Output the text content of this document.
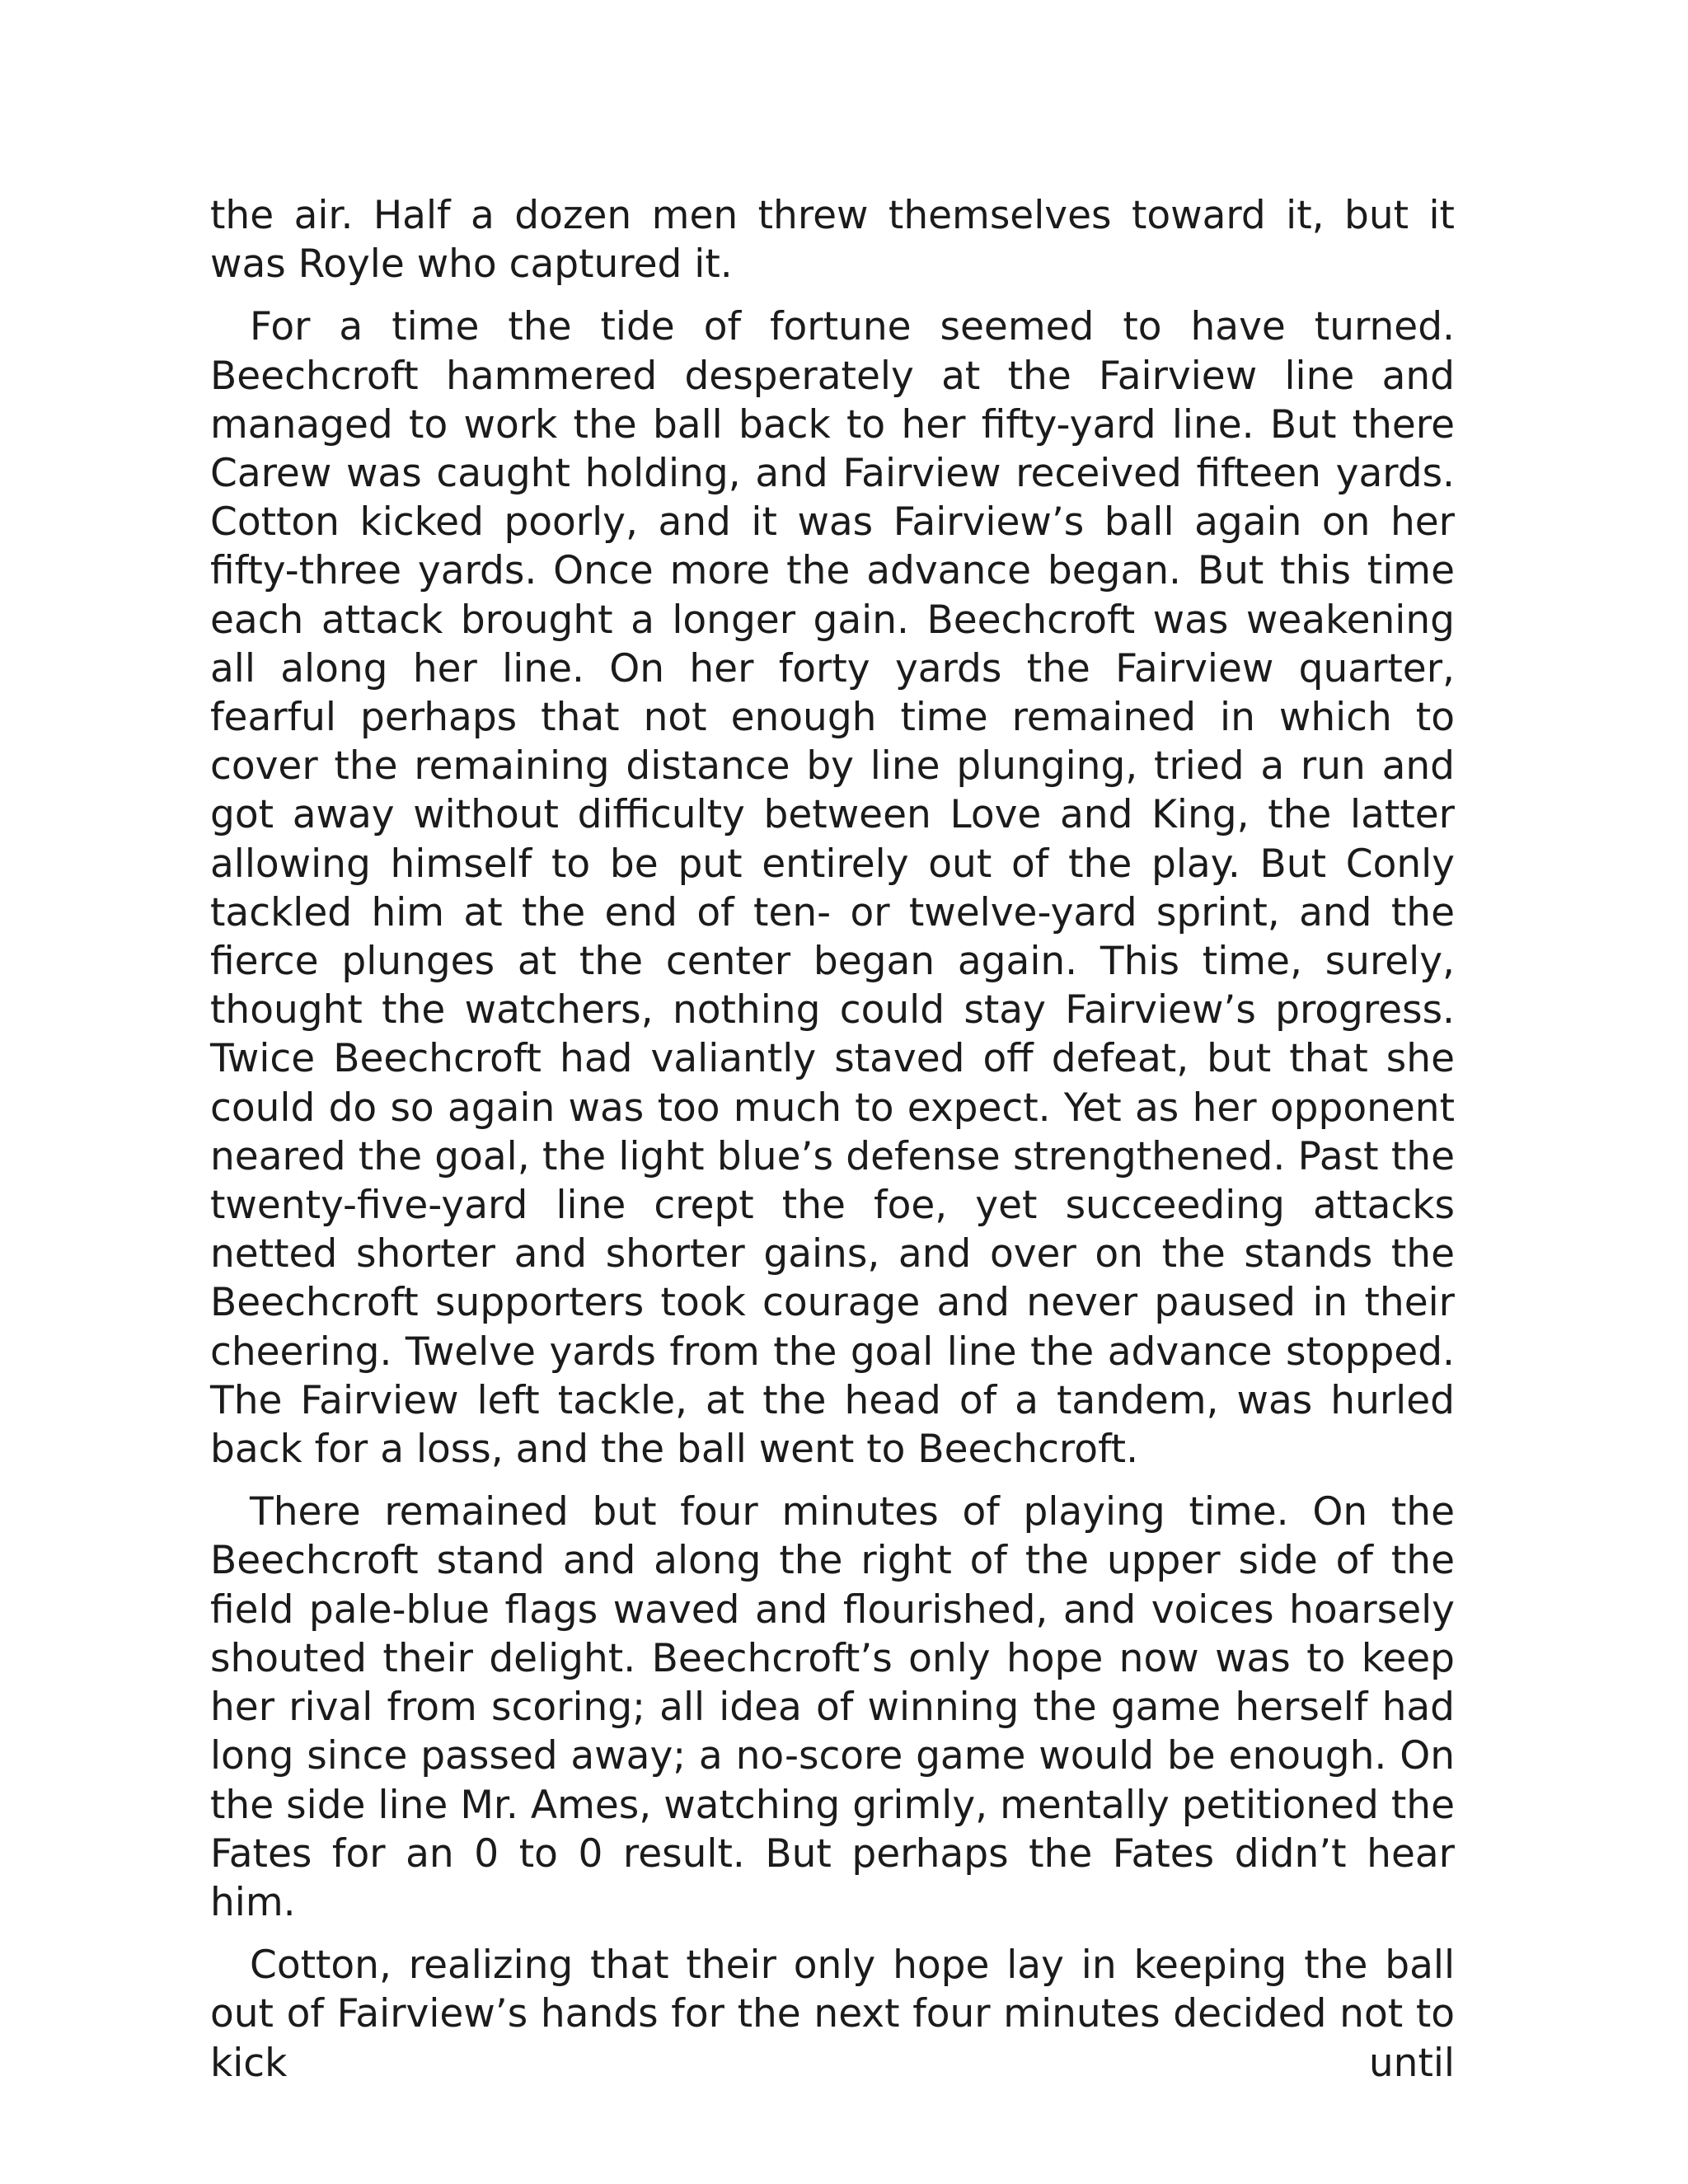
the air. Half a dozen men threw themselves toward it, but it was Royle who captured it.

For a time the tide of fortune seemed to have turned. Beechcroft hammered desperately at the Fairview line and managed to work the ball back to her fifty-yard line. But there Carew was caught holding, and Fairview received fifteen yards. Cotton kicked poorly, and it was Fairview’s ball again on her fifty-three yards. Once more the advance began. But this time each attack brought a longer gain. Beechcroft was weakening all along her line. On her forty yards the Fairview quarter, fearful perhaps that not enough time remained in which to cover the remaining distance by line plunging, tried a run and got away without difficulty between Love and King, the latter allowing himself to be put entirely out of the play. But Conly tackled him at the end of ten- or twelve-yard sprint, and the fierce plunges at the center began again. This time, surely, thought the watchers, nothing could stay Fairview’s progress. Twice Beechcroft had valiantly staved off defeat, but that she could do so again was too much to expect. Yet as her opponent neared the goal, the light blue’s defense strengthened. Past the twenty-five-yard line crept the foe, yet succeeding attacks netted shorter and shorter gains, and over on the stands the Beechcroft supporters took courage and never paused in their cheering. Twelve yards from the goal line the advance stopped. The Fairview left tackle, at the head of a tandem, was hurled back for a loss, and the ball went to Beechcroft.

There remained but four minutes of playing time. On the Beechcroft stand and along the right of the upper side of the field pale-blue flags waved and flourished, and voices hoarsely shouted their delight. Beechcroft’s only hope now was to keep her rival from scoring; all idea of winning the game herself had long since passed away; a no-score game would be enough. On the side line Mr. Ames, watching grimly, mentally petitioned the Fates for an 0 to 0 result. But perhaps the Fates didn’t hear him.

Cotton, realizing that their only hope lay in keeping the ball out of Fairview’s hands for the next four minutes decided not to kick until
